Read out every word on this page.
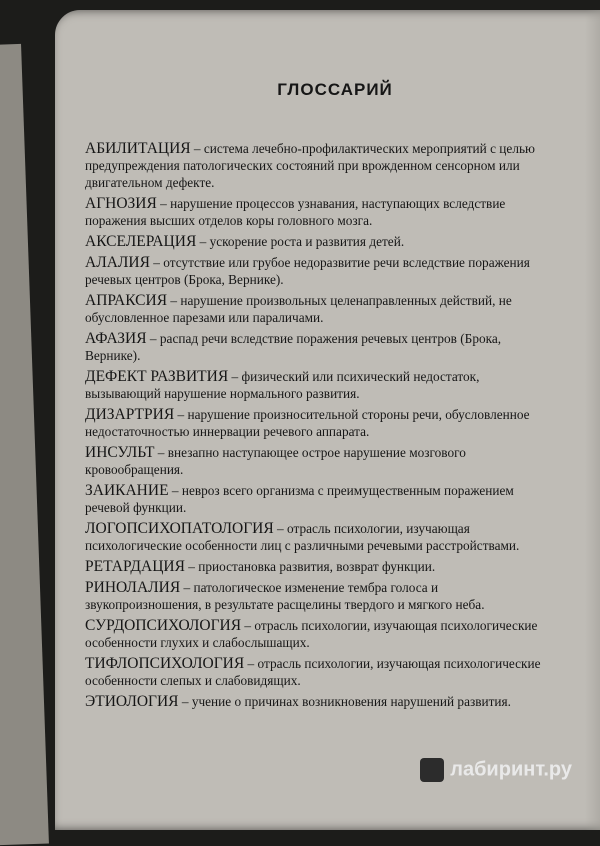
ГЛОССАРИЙ

АБИЛИТАЦИЯ – система лечебно-профилактических мероприятий с целью предупреждения патологических состояний при врожденном сенсорном или двигательном дефекте.

АГНОЗИЯ – нарушение процессов узнавания, наступающих вследствие поражения высших отделов коры головного мозга.

АКСЕЛЕРАЦИЯ – ускорение роста и развития детей.

АЛАЛИЯ – отсутствие или грубое недоразвитие речи вследствие поражения речевых центров (Брока, Вернике).

АПРАКСИЯ – нарушение произвольных целенаправленных действий, не обусловленное парезами или параличами.

АФАЗИЯ – распад речи вследствие поражения речевых центров (Брока, Вернике).

ДЕФЕКТ РАЗВИТИЯ – физический или психический недостаток, вызывающий нарушение нормального развития.

ДИЗАРТРИЯ – нарушение произносительной стороны речи, обусловленное недостаточностью иннервации речевого аппарата.

ИНСУЛЬТ – внезапно наступающее острое нарушение мозгового кровообращения.

ЗАИКАНИЕ – невроз всего организма с преимущественным поражением речевой функции.

ЛОГОПСИХОПАТОЛОГИЯ – отрасль психологии, изучающая психологические особенности лиц с различными речевыми расстройствами.

РЕТАРДАЦИЯ – приостановка развития, возврат функции.

РИНОЛАЛИЯ – патологическое изменение тембра голоса и звукопроизношения, в результате расщелины твердого и мягкого неба.

СУРДОПСИХОЛОГИЯ – отрасль психологии, изучающая психологические особенности глухих и слабослышащих.

ТИФЛОПСИХОЛОГИЯ – отрасль психологии, изучающая психологические особенности слепых и слабовидящих.

ЭТИОЛОГИЯ – учение о причинах возникновения нарушений развития.

лабиринт.ру
